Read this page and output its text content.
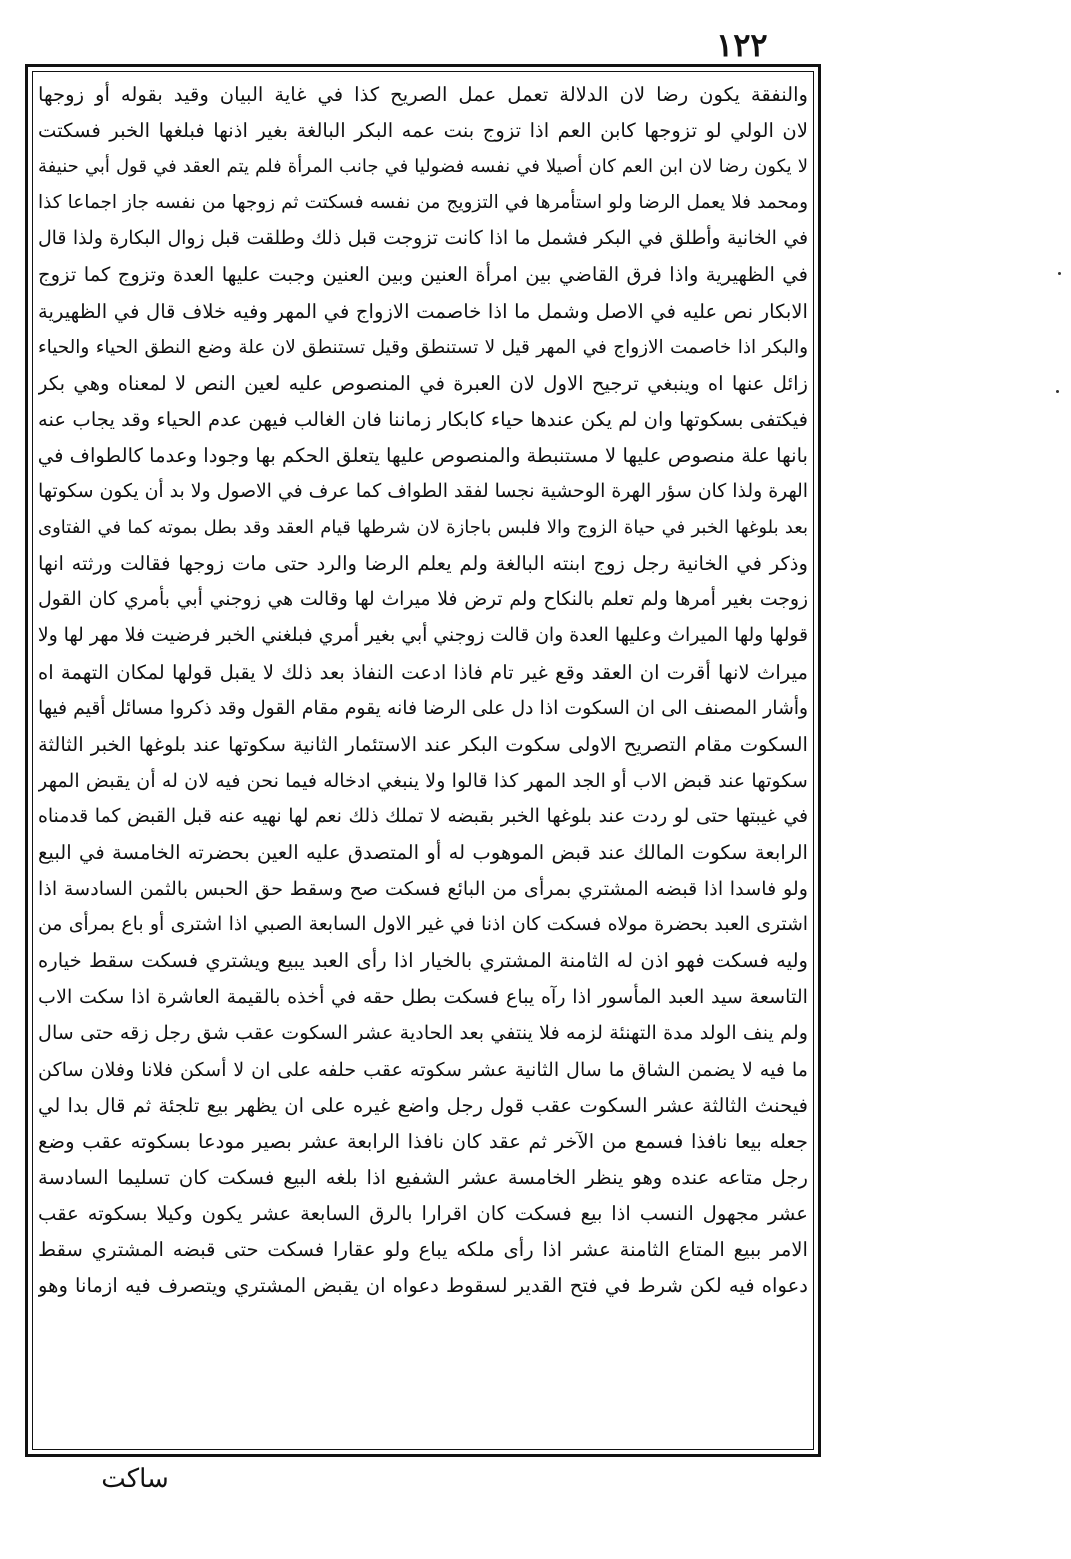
١٢٢
والنفقة يكون رضا لان الدلالة تعمل عمل الصريح كذا في غاية البيان وقيد بقوله أو زوجها
لان الولي لو تزوجها كابن العم اذا تزوج بنت عمه البكر البالغة بغير اذنها فبلغها الخبر فسكتت
لا يكون رضا لان ابن العم كان أصيلا في نفسه فضوليا في جانب المرأة فلم يتم العقد في قول أبي حنيفة
ومحمد فلا يعمل الرضا ولو استأمرها في التزويج من نفسه فسكتت ثم زوجها من نفسه جاز اجماعا كذا
في الخانية وأطلق في البكر فشمل ما اذا كانت تزوجت قبل ذلك وطلقت قبل زوال البكارة ولذا قال
في الظهيرية واذا فرق القاضي بين امرأة العنين وبين العنين وجبت عليها العدة وتزوج كما تزوج
الابكار نص عليه في الاصل وشمل ما اذا خاصمت الازواج في المهر وفيه خلاف قال في الظهيرية
والبكر اذا خاصمت الازواج في المهر قيل لا تستنطق وقيل تستنطق لان علة وضع النطق الحياء والحياء
زائل عنها اه وينبغي ترجيح الاول لان العبرة في المنصوص عليه لعين النص لا لمعناه وهي بكر
فيكتفى بسكوتها وان لم يكن عندها حياء كابكار زماننا فان الغالب فيهن عدم الحياء وقد يجاب عنه
بانها علة منصوص عليها لا مستنبطة والمنصوص عليها يتعلق الحكم بها وجودا وعدما كالطواف في
الهرة ولذا كان سؤر الهرة الوحشية نجسا لفقد الطواف كما عرف في الاصول ولا بد أن يكون سكوتها
بعد بلوغها الخبر في حياة الزوج والا فلبس باجازة لان شرطها قيام العقد وقد بطل بموته كما في الفتاوى
وذكر في الخانية رجل زوج ابنته البالغة ولم يعلم الرضا والرد حتى مات زوجها فقالت ورثته انها
زوجت بغير أمرها ولم تعلم بالنكاح ولم ترض فلا ميراث لها وقالت هي زوجني أبي بأمري كان القول
قولها ولها الميراث وعليها العدة وان قالت زوجني أبي بغير أمري فبلغني الخبر فرضيت فلا مهر لها ولا
ميراث لانها أقرت ان العقد وقع غير تام فاذا ادعت النفاذ بعد ذلك لا يقبل قولها لمكان التهمة اه
وأشار المصنف الى ان السكوت اذا دل على الرضا فانه يقوم مقام القول وقد ذكروا مسائل أقيم فيها
السكوت مقام التصريح الاولى سكوت البكر عند الاستئمار الثانية سكوتها عند بلوغها الخبر الثالثة
سكوتها عند قبض الاب أو الجد المهر كذا قالوا ولا ينبغي ادخاله فيما نحن فيه لان له أن يقبض المهر
في غيبتها حتى لو ردت عند بلوغها الخبر بقبضه لا تملك ذلك نعم لها نهيه عنه قبل القبض كما قدمناه
الرابعة سكوت المالك عند قبض الموهوب له أو المتصدق عليه العين بحضرته الخامسة في البيع
ولو فاسدا اذا قبضه المشتري بمرأى من البائع فسكت صح وسقط حق الحبس بالثمن السادسة اذا
اشترى العبد بحضرة مولاه فسكت كان اذنا في غير الاول السابعة الصبي اذا اشترى أو باع بمرأى من
وليه فسكت فهو اذن له الثامنة المشتري بالخيار اذا رأى العبد يبيع ويشتري فسكت سقط خياره
التاسعة سيد العبد المأسور اذا رآه يباع فسكت بطل حقه في أخذه بالقيمة العاشرة اذا سكت الاب
ولم ينف الولد مدة التهنئة لزمه فلا ينتفي بعد الحادية عشر السكوت عقب شق رجل زقه حتى سال
ما فيه لا يضمن الشاق ما سال الثانية عشر سكوته عقب حلفه على ان لا أسكن فلانا وفلان ساكن
فيحنث الثالثة عشر السكوت عقب قول رجل واضع غيره على ان يظهر بيع تلجئة ثم قال بدا لي
جعله بيعا نافذا فسمع من الآخر ثم عقد كان نافذا الرابعة عشر بصير مودعا بسكوته عقب وضع
رجل متاعه عنده وهو ينظر الخامسة عشر الشفيع اذا بلغه البيع فسكت كان تسليما السادسة
عشر مجهول النسب اذا بيع فسكت كان اقرارا بالرق السابعة عشر يكون وكيلا بسكوته عقب
الامر ببيع المتاع الثامنة عشر اذا رأى ملكه يباع ولو عقارا فسكت حتى قبضه المشتري سقط
دعواه فيه لكن شرط في فتح القدير لسقوط دعواه ان يقبض المشتري ويتصرف فيه ازمانا وهو
ساكت
